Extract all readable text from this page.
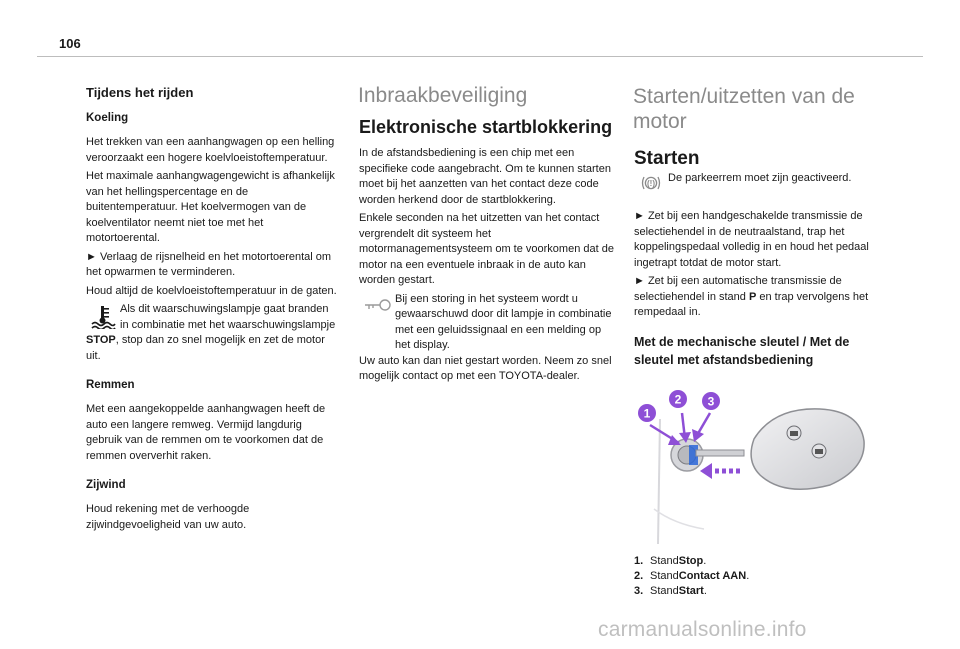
106
Tijdens het rijden
Koeling

Het trekken van een aanhangwagen op een helling veroorzaakt een hogere koelvloeistoftemperatuur.

Het maximale aanhangwagengewicht is afhankelijk van het hellingspercentage en de buitentemperatuur. Het koelvermogen van de koelventilator neemt niet toe met het motortoerental.

► Verlaag de rijsnelheid en het motortoerental om het opwarmen te verminderen.

Houd altijd de koelvloeistoftemperatuur in de gaten.

Als dit waarschuwingslampje gaat branden in combinatie met het waarschuwingslampje

STOP, stop dan zo snel mogelijk en zet de motor uit.

Remmen

Met een aangekoppelde aanhangwagen heeft de auto een langere remweg. Vermijd langdurig gebruik van de remmen om te voorkomen dat de remmen oververhit raken.

Zijwind

Houd rekening met de verhoogde zijwindgevoeligheid van uw auto.

Inbraakbeveiliging
Elektronische startblokkering

In de afstandsbediening is een chip met een specifieke code aangebracht. Om te kunnen starten moet bij het aanzetten van het contact deze code worden herkend door de startblokkering.

Enkele seconden na het uitzetten van het contact vergrendelt dit systeem het motormanagementsysteem om te voorkomen dat de motor na een eventuele inbraak in de auto kan worden gestart.

Bij een storing in het systeem wordt u gewaarschuwd door dit lampje in combinatie met een geluidssignaal en een melding op het display.

Uw auto kan dan niet gestart worden. Neem zo snel mogelijk contact op met een TOYOTA-dealer.

Starten/uitzetten van de motor
Starten
(!) De parkeerrem moet zijn geactiveerd.

► Zet bij een handgeschakelde transmissie de selectiehendel in de neutraalstand, trap het koppelingspedaal volledig in en houd het pedaal ingetrapt totdat de motor start.

► Zet bij een automatische transmissie de selectiehendel in stand P en trap vervolgens het rempedaal in.

Met de mechanische sleutel / Met de sleutel met afstandsbediening
1
2 3
1. Stand Stop .
2. Stand Contact AAN .
3. Stand Start .
carmanualsonline.info
